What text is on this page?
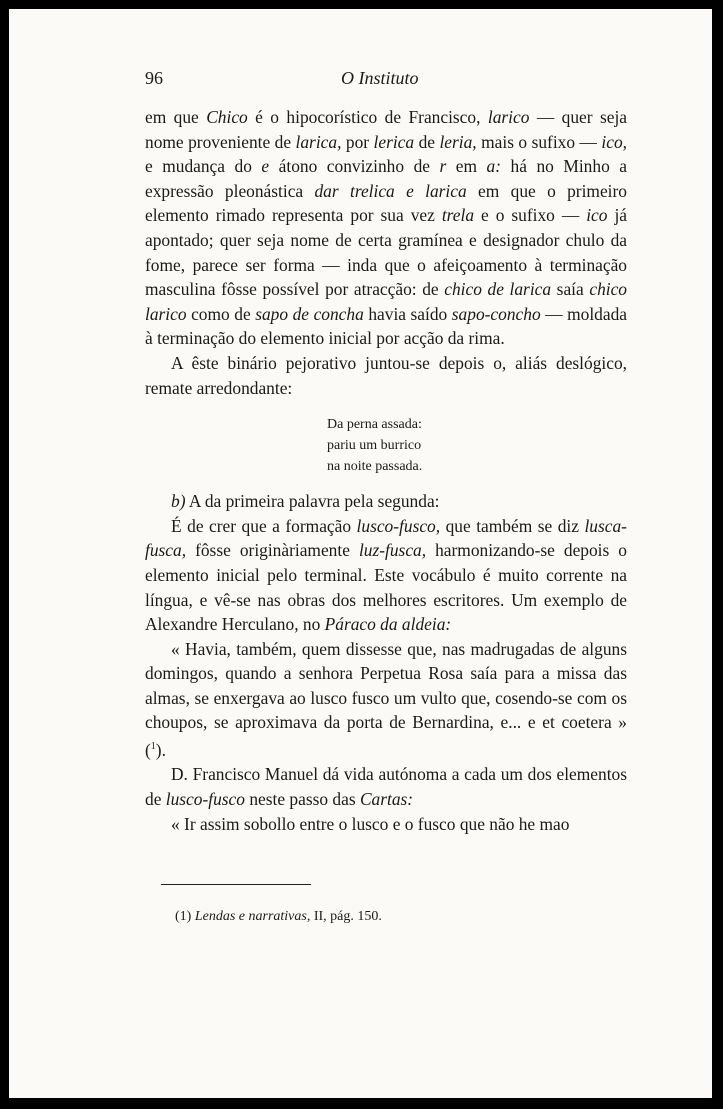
96	O Instituto

em que Chico é o hipocorístico de Francisco, larico — quer seja nome proveniente de larica, por lerica de leria, mais o sufixo — ico, e mudança do e átono convizinho de r em a: há no Minho a expressão pleonástica dar trelica e larica em que o primeiro elemento rimado representa por sua vez trela e o sufixo — ico já apontado; quer seja nome de certa gramínea e designador chulo da fome, parece ser forma — inda que o afeiçoamento à terminação masculina fôsse possível por atracção: de chico de larica saía chico larico como de sapo de concha havia saído sapo-concho — moldada à terminação do elemento inicial por acção da rima.

A êste binário pejorativo juntou-se depois o, aliás deslógico, remate arredondante:

Da perna assada:
pariu um burrico
na noite passada.

b) A da primeira palavra pela segunda:

É de crer que a formação lusco-fusco, que também se diz lusca-fusca, fôsse originàriamente luz-fusca, harmonizando-se depois o elemento inicial pelo terminal. Este vocábulo é muito corrente na língua, e vê-se nas obras dos melhores escritores. Um exemplo de Alexandre Herculano, no Páraco da aldeia:

« Havia, também, quem dissesse que, nas madrugadas de alguns domingos, quando a senhora Perpetua Rosa saía para a missa das almas, se enxergava ao lusco fusco um vulto que, cosendo-se com os choupos, se aproximava da porta de Bernardina, e... e et coetera » ($^1$).

D. Francisco Manuel dá vida autónoma a cada um dos elementos de lusco-fusco neste passo das Cartas:

« Ir assim sobollo entre o lusco e o fusco que não he mao

(1) Lendas e narrativas, II, pág. 150.
